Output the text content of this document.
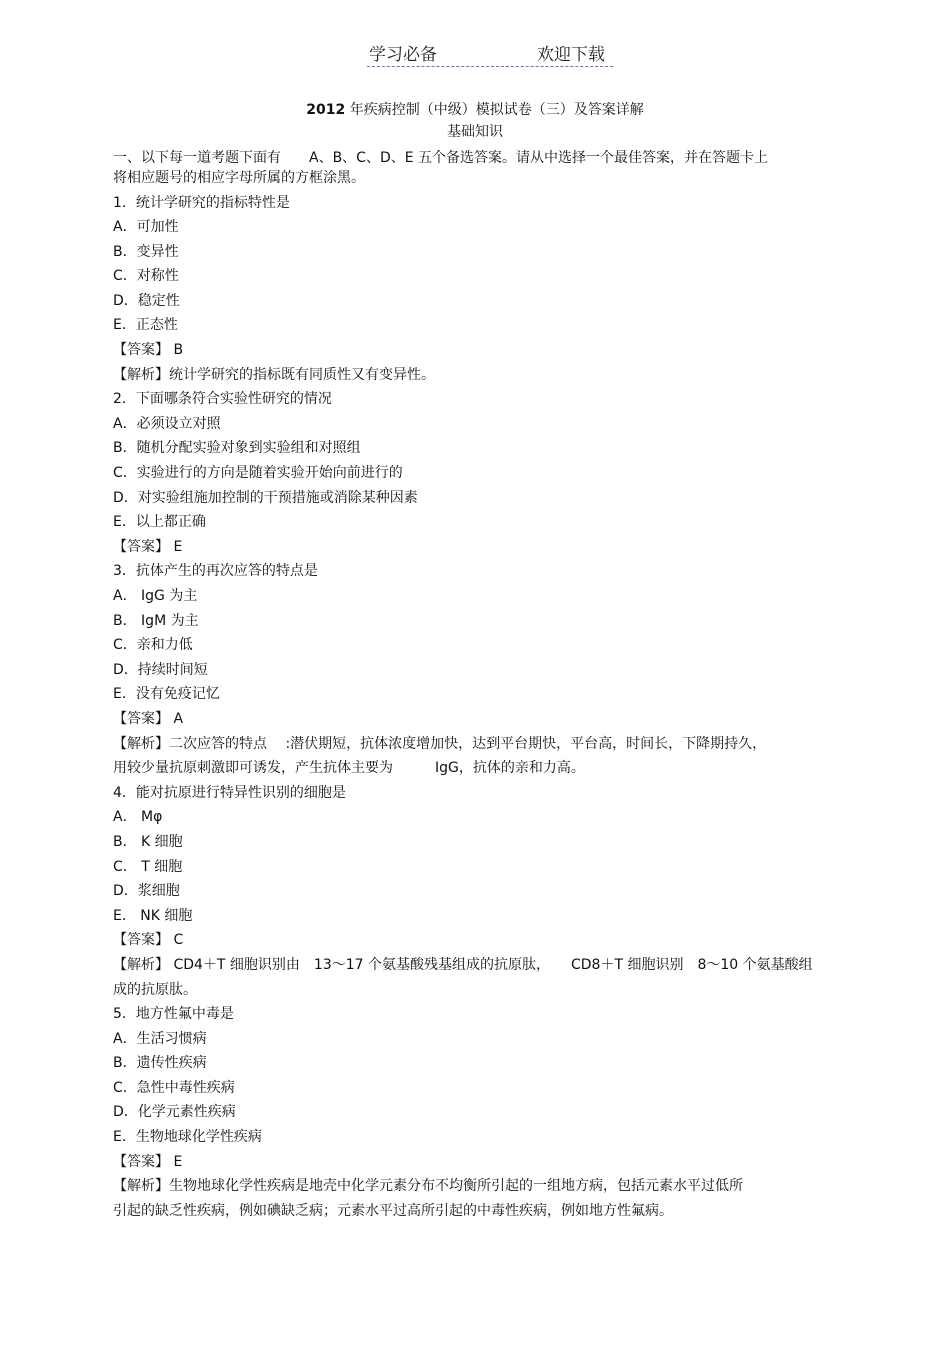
学习必备	欢迎下载
2012 年疾病控制（中级）模拟试卷（三）及答案详解
基础知识
一、以下每一道考题下面有　　A、B、C、D、E 五个备选答案。请从中选择一个最佳答案，并在答题卡上
将相应题号的相应字母所属的方框涂黑。
1．统计学研究的指标特性是
A．可加性
B．变异性
C．对称性
D．稳定性
E．正态性
【答案】 B
【解析】统计学研究的指标既有同质性又有变异性。
2．下面哪条符合实验性研究的情况
A．必须设立对照
B．随机分配实验对象到实验组和对照组
C．实验进行的方向是随着实验开始向前进行的
D．对实验组施加控制的干预措施或消除某种因素
E．以上都正确
【答案】 E
3．抗体产生的再次应答的特点是
A． IgG 为主
B． IgM 为主
C．亲和力低
D．持续时间短
E．没有免疫记忆
【答案】 A
【解析】二次应答的特点　 :潜伏期短，抗体浓度增加快，达到平台期快，平台高，时间长，下降期持久，
用较少量抗原刺激即可诱发，产生抗体主要为　　　IgG，抗体的亲和力高。
4．能对抗原进行特异性识别的细胞是
A． Mφ
B． K 细胞
C． T 细胞
D．浆细胞
E． NK 细胞
【答案】 C
【解析】 CD4＋T 细胞识别由　13～17 个氨基酸残基组成的抗原肽，　　CD8＋T 细胞识别　8～10 个氨基酸组
成的抗原肽。
5．地方性氟中毒是
A．生活习惯病
B．遗传性疾病
C．急性中毒性疾病
D．化学元素性疾病
E．生物地球化学性疾病
【答案】 E
【解析】生物地球化学性疾病是地壳中化学元素分布不均衡所引起的一组地方病，包括元素水平过低所
引起的缺乏性疾病，例如碘缺乏病；元素水平过高所引起的中毒性疾病，例如地方性氟病。
